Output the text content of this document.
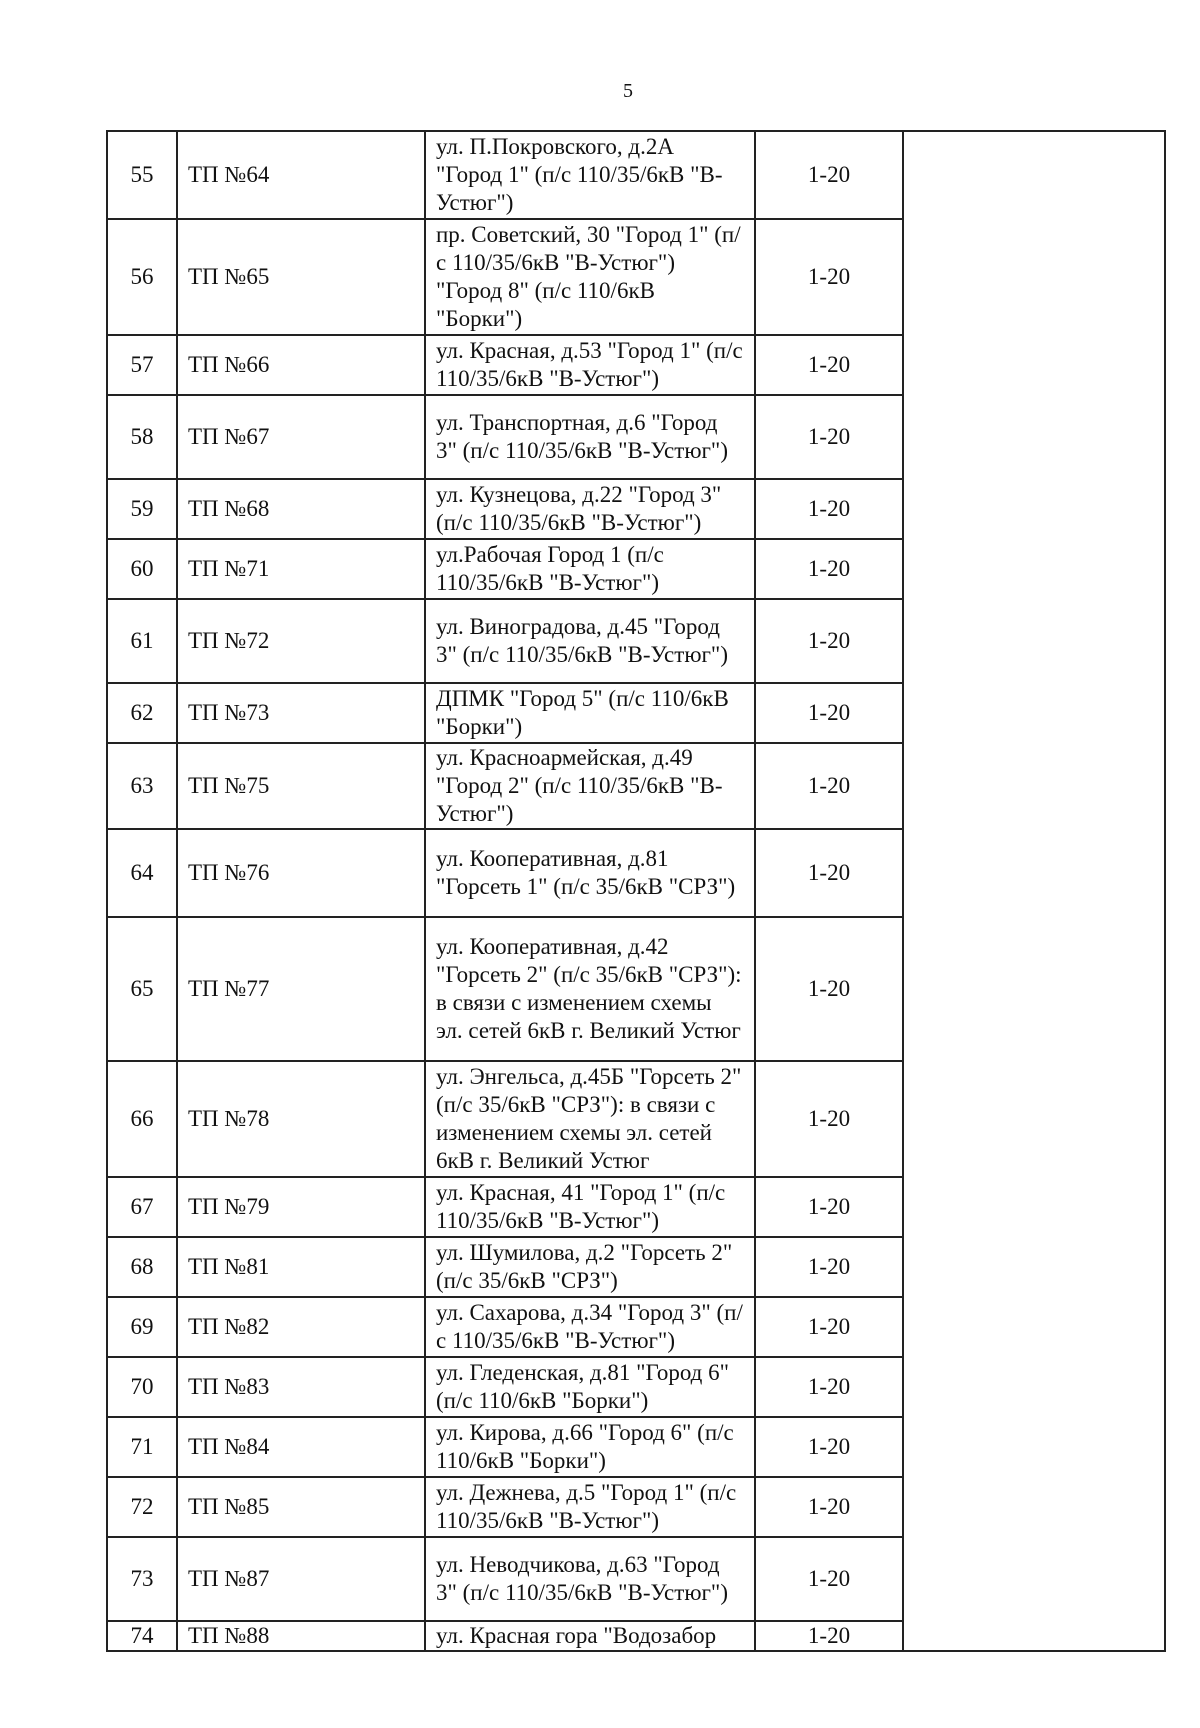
5
55	ТП №64	ул. П.Покровского, д.2А "Город 1" (п/с 110/35/6кВ "В-Устюг")	1-20	
56	ТП №65	пр. Советский, 30 "Город 1" (п/с 110/35/6кВ "В-Устюг") "Город 8" (п/с 110/6кВ "Борки")	1-20	
57	ТП №66	ул. Красная, д.53 "Город 1" (п/с 110/35/6кВ "В-Устюг")	1-20	
58	ТП №67	ул. Транспортная, д.6 "Город 3" (п/с 110/35/6кВ "В-Устюг")	1-20	
59	ТП №68	ул. Кузнецова, д.22 "Город 3" (п/с 110/35/6кВ "В-Устюг")	1-20	
60	ТП №71	ул.Рабочая Город 1 (п/с 110/35/6кВ "В-Устюг")	1-20	
61	ТП №72	ул. Виноградова, д.45 "Город 3" (п/с 110/35/6кВ "В-Устюг")	1-20	
62	ТП №73	ДПМК "Город 5" (п/с 110/6кВ "Борки")	1-20	
63	ТП №75	ул. Красноармейская, д.49 "Город 2" (п/с 110/35/6кВ "В-Устюг")	1-20	
64	ТП №76	ул. Кооперативная, д.81 "Горсеть 1" (п/с 35/6кВ "СРЗ")	1-20	
65	ТП №77	ул. Кооперативная, д.42 "Горсеть 2" (п/с 35/6кВ "СРЗ"): в связи с изменением схемы эл. сетей 6кВ г. Великий Устюг	1-20	
66	ТП №78	ул. Энгельса, д.45Б "Горсеть 2" (п/с 35/6кВ "СРЗ"): в связи с изменением схемы эл. сетей 6кВ г. Великий Устюг	1-20	
67	ТП №79	ул. Красная, 41 "Город 1" (п/с 110/35/6кВ "В-Устюг")	1-20	
68	ТП №81	ул. Шумилова, д.2 "Горсеть 2" (п/с 35/6кВ "СРЗ")	1-20	
69	ТП №82	ул. Сахарова, д.34 "Город 3" (п/с 110/35/6кВ "В-Устюг")	1-20	
70	ТП №83	ул. Гледенская, д.81 "Город 6" (п/с 110/6кВ "Борки")	1-20	
71	ТП №84	ул. Кирова, д.66 "Город 6" (п/с 110/6кВ "Борки")	1-20	
72	ТП №85	ул. Дежнева, д.5 "Город 1" (п/с 110/35/6кВ "В-Устюг")	1-20	
73	ТП №87	ул. Неводчикова, д.63 "Город 3" (п/с 110/35/6кВ "В-Устюг")	1-20	
74	ТП №88	ул. Красная гора "Водозабор	1-20	
